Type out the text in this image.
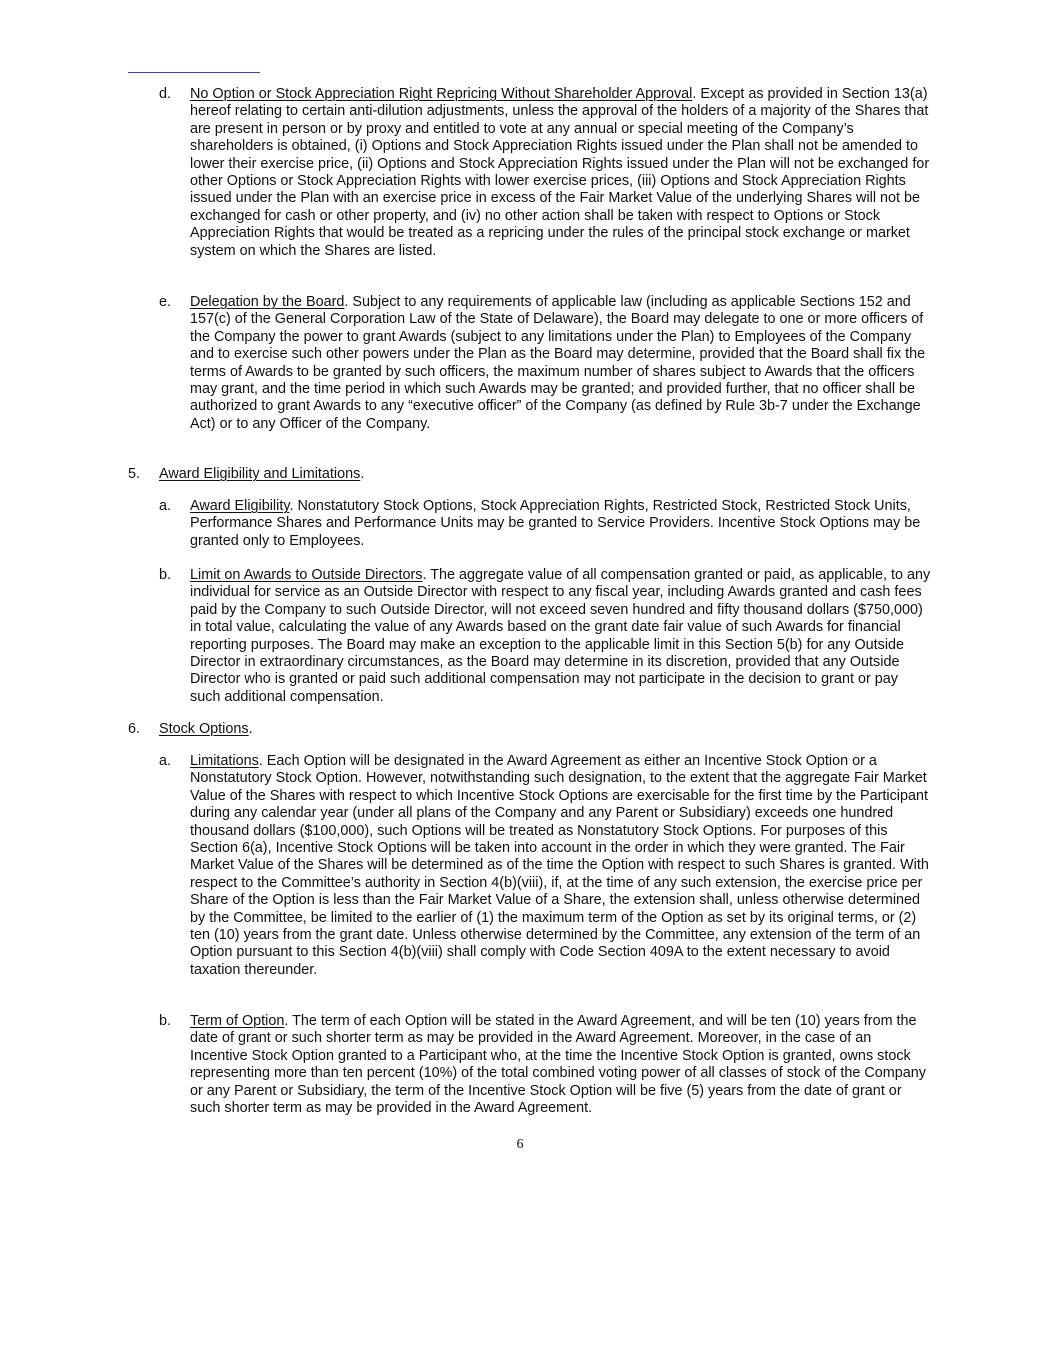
d. No Option or Stock Appreciation Right Repricing Without Shareholder Approval. Except as provided in Section 13(a) hereof relating to certain anti-dilution adjustments, unless the approval of the holders of a majority of the Shares that are present in person or by proxy and entitled to vote at any annual or special meeting of the Company’s shareholders is obtained, (i) Options and Stock Appreciation Rights issued under the Plan shall not be amended to lower their exercise price, (ii) Options and Stock Appreciation Rights issued under the Plan will not be exchanged for other Options or Stock Appreciation Rights with lower exercise prices, (iii) Options and Stock Appreciation Rights issued under the Plan with an exercise price in excess of the Fair Market Value of the underlying Shares will not be exchanged for cash or other property, and (iv) no other action shall be taken with respect to Options or Stock Appreciation Rights that would be treated as a repricing under the rules of the principal stock exchange or market system on which the Shares are listed.
e. Delegation by the Board. Subject to any requirements of applicable law (including as applicable Sections 152 and 157(c) of the General Corporation Law of the State of Delaware), the Board may delegate to one or more officers of the Company the power to grant Awards (subject to any limitations under the Plan) to Employees of the Company and to exercise such other powers under the Plan as the Board may determine, provided that the Board shall fix the terms of Awards to be granted by such officers, the maximum number of shares subject to Awards that the officers may grant, and the time period in which such Awards may be granted; and provided further, that no officer shall be authorized to grant Awards to any “executive officer” of the Company (as defined by Rule 3b-7 under the Exchange Act) or to any Officer of the Company.
5. Award Eligibility and Limitations.
a. Award Eligibility. Nonstatutory Stock Options, Stock Appreciation Rights, Restricted Stock, Restricted Stock Units, Performance Shares and Performance Units may be granted to Service Providers. Incentive Stock Options may be granted only to Employees.
b. Limit on Awards to Outside Directors. The aggregate value of all compensation granted or paid, as applicable, to any individual for service as an Outside Director with respect to any fiscal year, including Awards granted and cash fees paid by the Company to such Outside Director, will not exceed seven hundred and fifty thousand dollars ($750,000) in total value, calculating the value of any Awards based on the grant date fair value of such Awards for financial reporting purposes. The Board may make an exception to the applicable limit in this Section 5(b) for any Outside Director in extraordinary circumstances, as the Board may determine in its discretion, provided that any Outside Director who is granted or paid such additional compensation may not participate in the decision to grant or pay such additional compensation.
6. Stock Options.
a. Limitations. Each Option will be designated in the Award Agreement as either an Incentive Stock Option or a Nonstatutory Stock Option. However, notwithstanding such designation, to the extent that the aggregate Fair Market Value of the Shares with respect to which Incentive Stock Options are exercisable for the first time by the Participant during any calendar year (under all plans of the Company and any Parent or Subsidiary) exceeds one hundred thousand dollars ($100,000), such Options will be treated as Nonstatutory Stock Options. For purposes of this Section 6(a), Incentive Stock Options will be taken into account in the order in which they were granted. The Fair Market Value of the Shares will be determined as of the time the Option with respect to such Shares is granted. With respect to the Committee’s authority in Section 4(b)(viii), if, at the time of any such extension, the exercise price per Share of the Option is less than the Fair Market Value of a Share, the extension shall, unless otherwise determined by the Committee, be limited to the earlier of (1) the maximum term of the Option as set by its original terms, or (2) ten (10) years from the grant date. Unless otherwise determined by the Committee, any extension of the term of an Option pursuant to this Section 4(b)(viii) shall comply with Code Section 409A to the extent necessary to avoid taxation thereunder.
b. Term of Option. The term of each Option will be stated in the Award Agreement, and will be ten (10) years from the date of grant or such shorter term as may be provided in the Award Agreement. Moreover, in the case of an Incentive Stock Option granted to a Participant who, at the time the Incentive Stock Option is granted, owns stock representing more than ten percent (10%) of the total combined voting power of all classes of stock of the Company or any Parent or Subsidiary, the term of the Incentive Stock Option will be five (5) years from the date of grant or such shorter term as may be provided in the Award Agreement.
6
